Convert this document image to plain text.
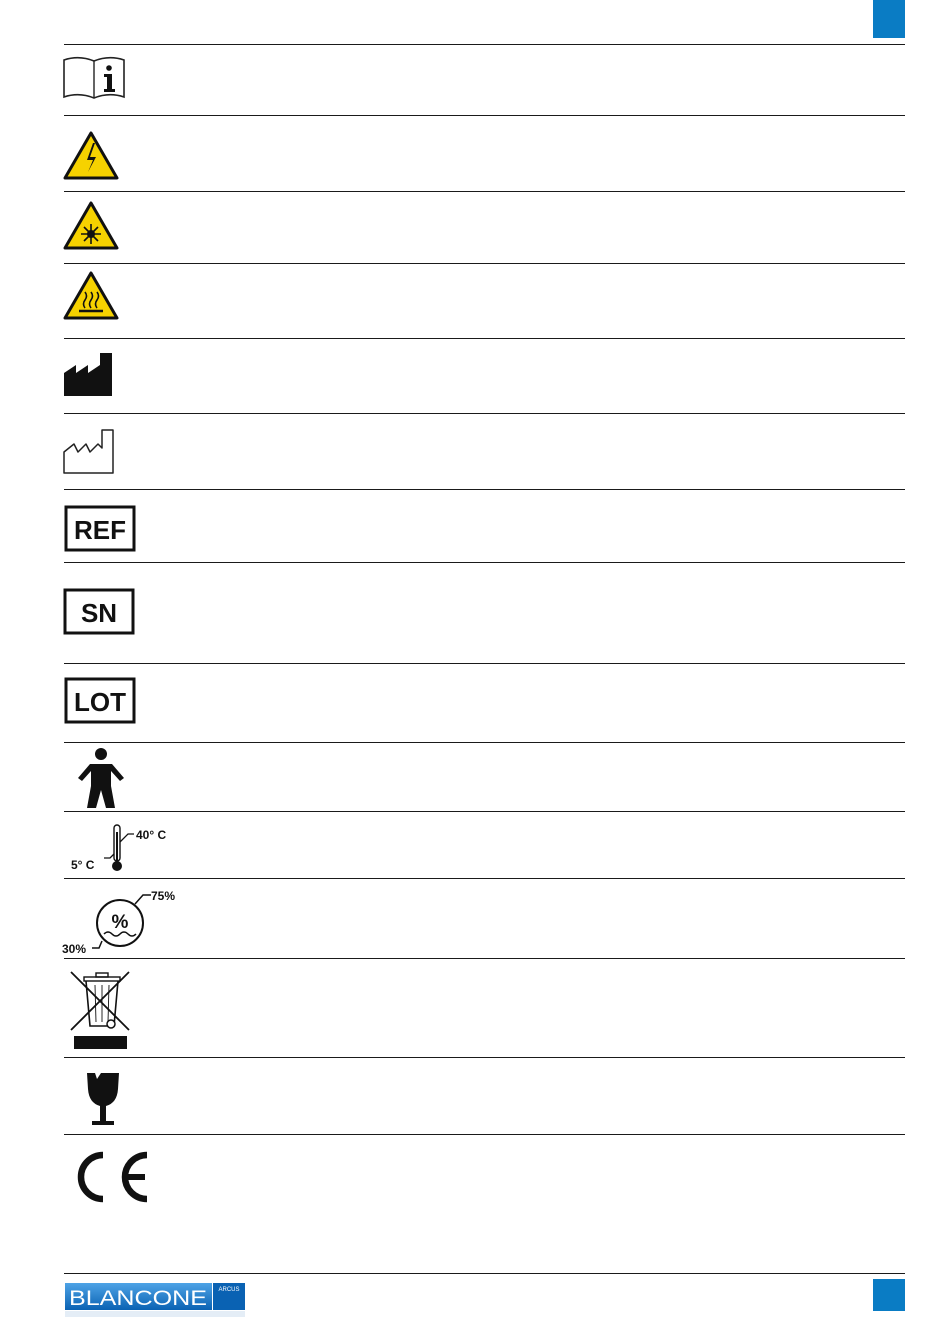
REF
SN
LOT
40° C
5° C
%
75%
30%
BLANCONE ARCUS
